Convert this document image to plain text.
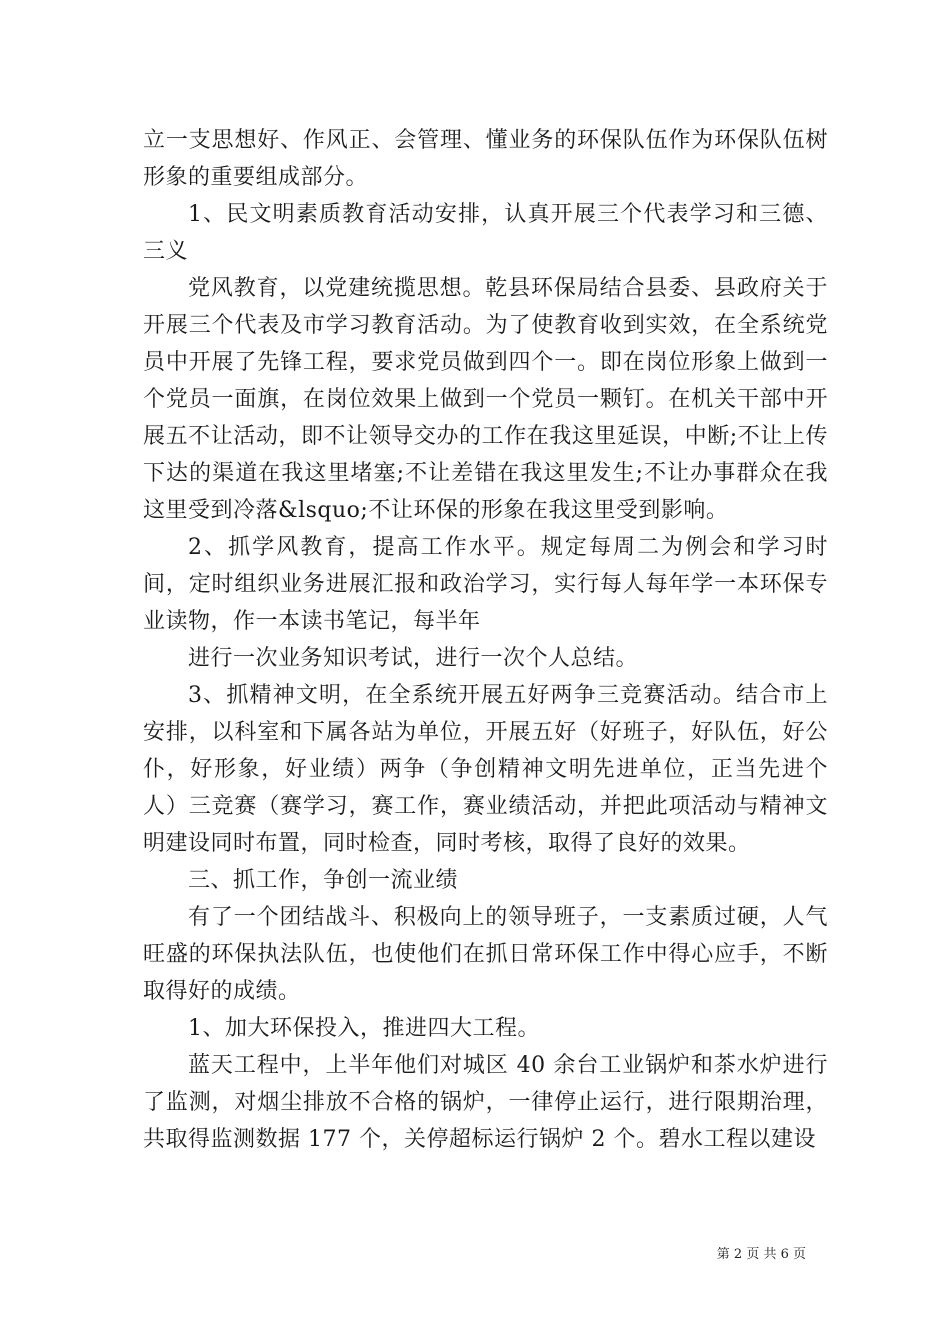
立一支思想好、作风正、会管理、懂业务的环保队伍作为环保队伍树形象的重要组成部分。

1、民文明素质教育活动安排，认真开展三个代表学习和三德、三义

党风教育，以党建统揽思想。乾县环保局结合县委、县政府关于开展三个代表及市学习教育活动。为了使教育收到实效，在全系统党员中开展了先锋工程，要求党员做到四个一。即在岗位形象上做到一个党员一面旗，在岗位效果上做到一个党员一颗钉。在机关干部中开展五不让活动，即不让领导交办的工作在我这里延误，中断;不让上传下达的渠道在我这里堵塞;不让差错在我这里发生;不让办事群众在我这里受到冷落&lsquo;不让环保的形象在我这里受到影响。

2、抓学风教育，提高工作水平。规定每周二为例会和学习时间，定时组织业务进展汇报和政治学习，实行每人每年学一本环保专业读物，作一本读书笔记，每半年

进行一次业务知识考试，进行一次个人总结。

3、抓精神文明，在全系统开展五好两争三竞赛活动。结合市上安排，以科室和下属各站为单位，开展五好（好班子，好队伍，好公仆，好形象，好业绩）两争（争创精神文明先进单位，正当先进个人）三竞赛（赛学习，赛工作，赛业绩活动，并把此项活动与精神文明建设同时布置，同时检查，同时考核，取得了良好的效果。

三、抓工作，争创一流业绩

有了一个团结战斗、积极向上的领导班子，一支素质过硬，人气旺盛的环保执法队伍，也使他们在抓日常环保工作中得心应手，不断取得好的成绩。

1、加大环保投入，推进四大工程。

蓝天工程中，上半年他们对城区 40 余台工业锅炉和茶水炉进行了监测，对烟尘排放不合格的锅炉，一律停止运行，进行限期治理，共取得监测数据 177 个，关停超标运行锅炉 2 个。碧水工程以建设

第 2 页 共 6 页
